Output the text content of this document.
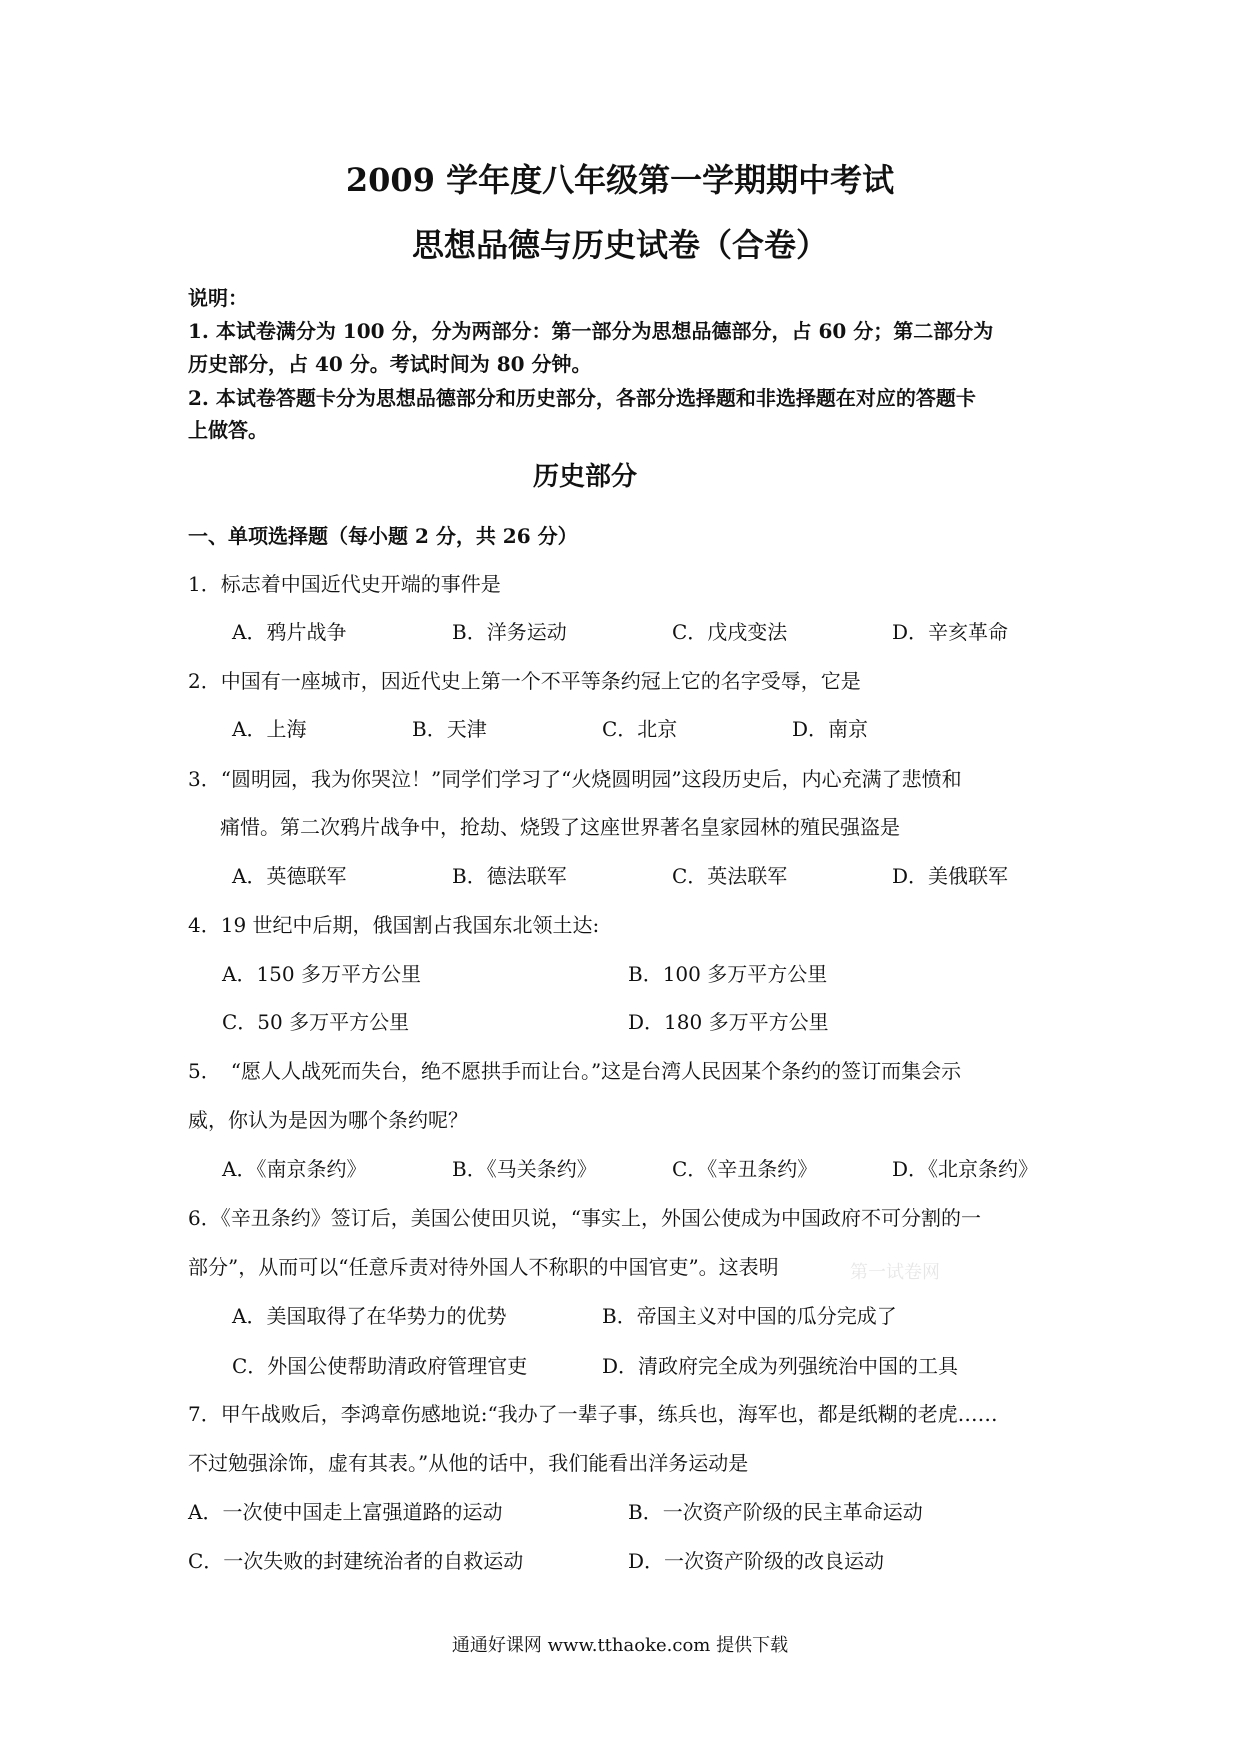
2009 学年度八年级第一学期期中考试
思想品德与历史试卷（合卷）
说明：
1. 本试卷满分为 100 分，分为两部分：第一部分为思想品德部分，占 60 分；第二部分为
历史部分，占 40 分。考试时间为 80 分钟。
2. 本试卷答题卡分为思想品德部分和历史部分，各部分选择题和非选择题在对应的答题卡
上做答。
历史部分
一、单项选择题（每小题 2 分，共 26 分）
1．标志着中国近代史开端的事件是
A．鸦片战争	B．洋务运动	C．戊戌变法	D．辛亥革命
2．中国有一座城市，因近代史上第一个不平等条约冠上它的名字受辱，它是
A．上海	B．天津	C．北京	D．南京
3．“圆明园，我为你哭泣！”同学们学习了“火烧圆明园”这段历史后，内心充满了悲愤和
痛惜。第二次鸦片战争中，抢劫、烧毁了这座世界著名皇家园林的殖民强盗是
A．英德联军	B．德法联军	C．英法联军	D．美俄联军
4．19 世纪中后期，俄国割占我国东北领土达:
A．150 多万平方公里	B．100 多万平方公里
C．50 多万平方公里	D．180 多万平方公里
5．　“愿人人战死而失台，绝不愿拱手而让台。”这是台湾人民因某个条约的签订而集会示
威，你认为是因为哪个条约呢？
A．《南京条约》	B．《马关条约》	C．《辛丑条约》	D．《北京条约》
6．《辛丑条约》签订后，美国公使田贝说，“事实上，外国公使成为中国政府不可分割的一
部分”，从而可以“任意斥责对待外国人不称职的中国官吏”。这表明	第一试卷网
A．美国取得了在华势力的优势	B．帝国主义对中国的瓜分完成了
C．外国公使帮助清政府管理官吏	D．清政府完全成为列强统治中国的工具
7．甲午战败后，李鸿章伤感地说:“我办了一辈子事，练兵也，海军也，都是纸糊的老虎……
不过勉强涂饰，虚有其表。”从他的话中，我们能看出洋务运动是
A．一次使中国走上富强道路的运动	B．一次资产阶级的民主革命运动
C．一次失败的封建统治者的自救运动	D．一次资产阶级的改良运动
通通好课网 www.tthaoke.com 提供下载
